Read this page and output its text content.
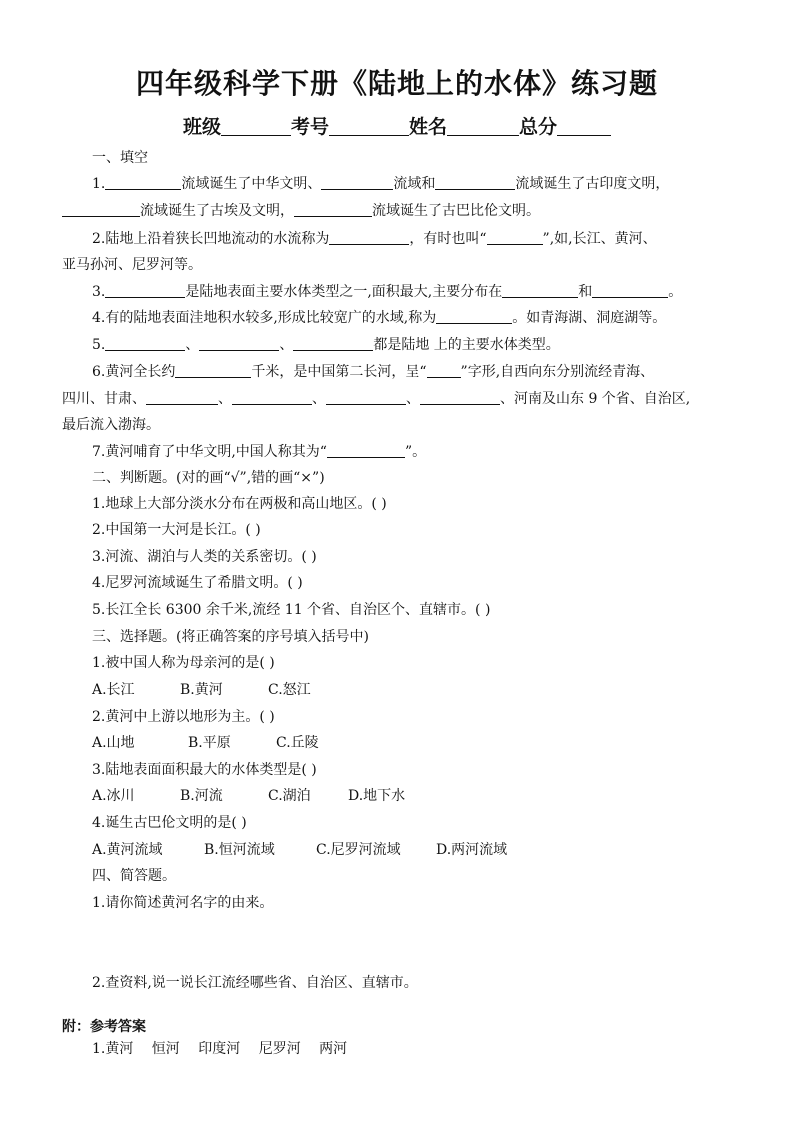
四年级科学下册《陆地上的水体》练习题
班级	考号	姓名	总分
一、填空
1.	流域诞生了中华文明、	流域和	流域诞生了古印度文明，
流域诞生了古埃及文明，	流域诞生了古巴比伦文明。
2.陆地上沿着狭长凹地流动的水流称为	，有时也叫“	”,如,长江、黄河、
亚马孙河、尼罗河等。
3.	是陆地表面主要水体类型之一,面积最大,主要分布在	和	。
4.有的陆地表面洼地积水较多,形成比较宽广的水域,称为	。如青海湖、洞庭湖等。
5.	、	、	都是陆地 上的主要水体类型。
6.黄河全长约	千米，是中国第二长河，呈“ ”字形,自西向东分别流经青海、
四川、甘肃、	、	、	、	、河南及山东 9 个省、自治区,
最后流入渤海。
7.黄河哺育了中华文明,中国人称其为“	”。
二、判断题。(对的画“√”,错的画“×”)
1.地球上大部分淡水分布在两极和高山地区。( )
2.中国第一大河是长江。( )
3.河流、湖泊与人类的关系密切。( )
4.尼罗河流域诞生了希腊文明。( )
5.长江全长 6300 余千米,流经 11 个省、自治区个、直辖市。( )
三、选择题。(将正确答案的序号填入括号中)
1.被中国人称为母亲河的是( )
A.长江	B.黄河	C.怒江
2.黄河中上游以地形为主。( )
A.山地	B.平原	C.丘陵
3.陆地表面面积最大的水体类型是( )
A.冰川	B.河流	C.湖泊	D.地下水
4.诞生古巴伦文明的是( )
A.黄河流域	B.恒河流域	C.尼罗河流域	D.两河流域
四、简答题。
1.请你简述黄河名字的由来。
2.查资料,说一说长江流经哪些省、自治区、直辖市。
附：参考答案
1.黄河　 恒河　 印度河　 尼罗河　 两河
